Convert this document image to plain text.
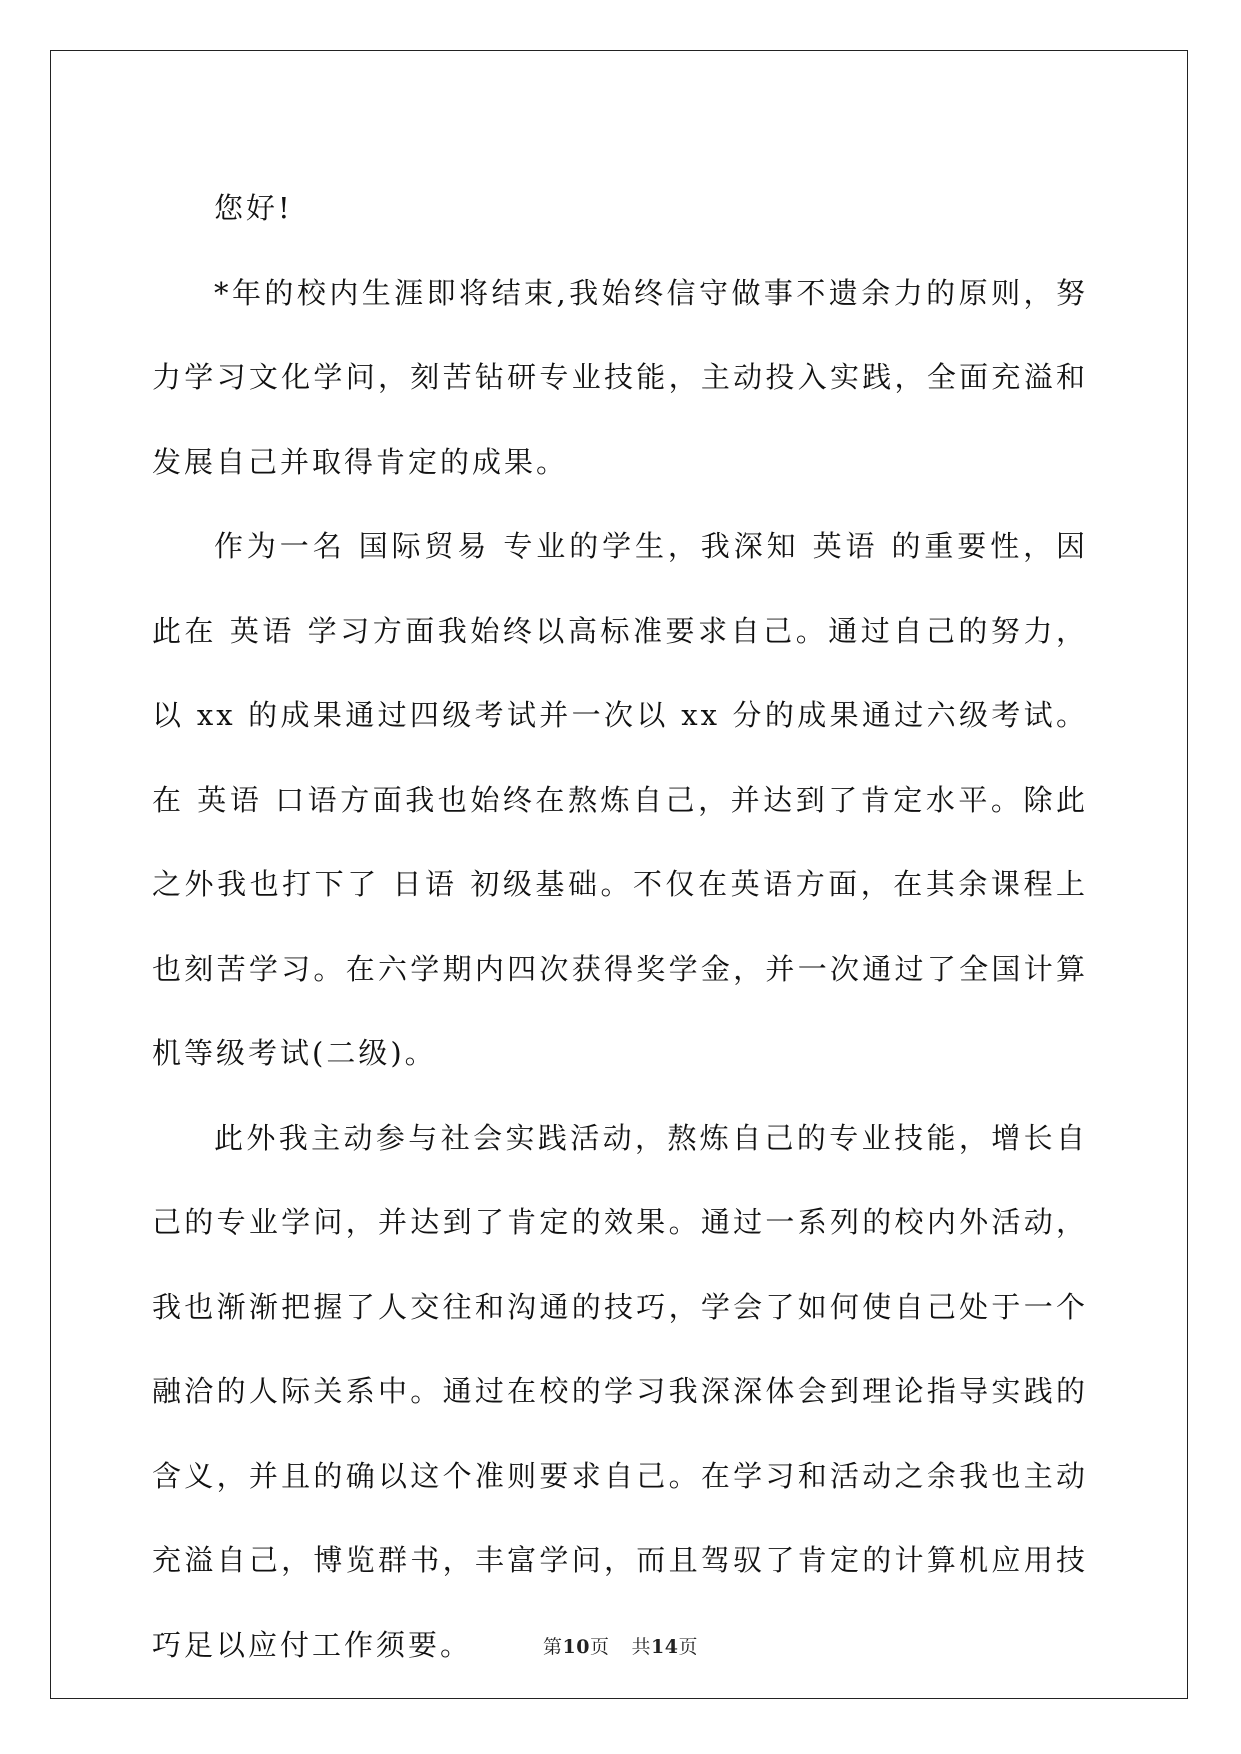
您好!

*年的校内生涯即将结束,我始终信守做事不遗余力的原则，努力学习文化学问，刻苦钻研专业技能，主动投入实践，全面充溢和发展自己并取得肯定的成果。

作为一名 国际贸易 专业的学生，我深知 英语 的重要性，因此在 英语 学习方面我始终以高标准要求自己。通过自己的努力，以 xx 的成果通过四级考试并一次以 xx 分的成果通过六级考试。在 英语 口语方面我也始终在熬炼自己，并达到了肯定水平。除此之外我也打下了 日语 初级基础。不仅在英语方面，在其余课程上也刻苦学习。在六学期内四次获得奖学金，并一次通过了全国计算机等级考试(二级)。

此外我主动参与社会实践活动，熬炼自己的专业技能，增长自己的专业学问，并达到了肯定的效果。通过一系列的校内外活动，我也渐渐把握了人交往和沟通的技巧，学会了如何使自己处于一个融洽的人际关系中。通过在校的学习我深深体会到理论指导实践的含义，并且的确以这个准则要求自己。在学习和活动之余我也主动充溢自己，博览群书，丰富学问，而且驾驭了肯定的计算机应用技巧足以应付工作须要。	第10页 共14页
